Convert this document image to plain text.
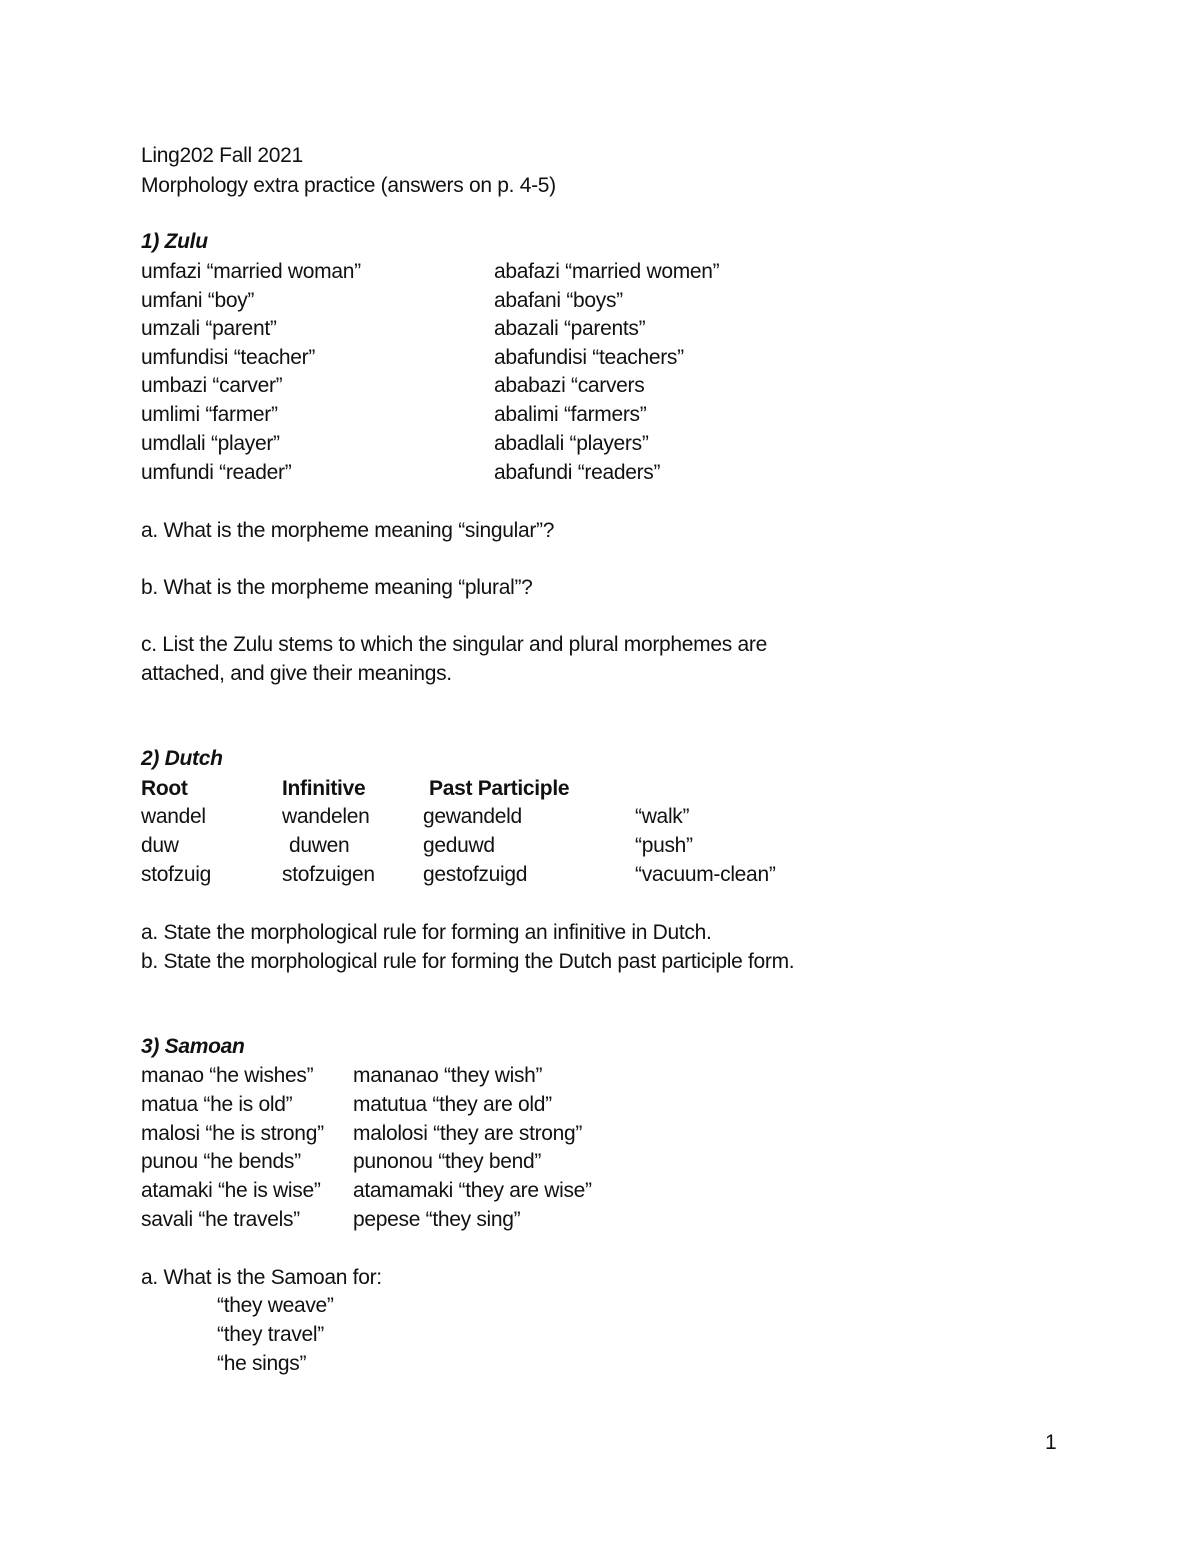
Ling202 Fall 2021
Morphology extra practice (answers on p. 4-5)
1) Zulu
umfazi “married woman”	abafazi “married women”
umfani “boy”	abafani “boys”
umzali “parent”	abazali “parents”
umfundisi “teacher”	abafundisi “teachers”
umbazi “carver”	ababazi “carvers
umlimi “farmer”	abalimi “farmers”
umdlali “player”	abadlali “players”
umfundi “reader”	abafundi “readers”
a. What is the morpheme meaning “singular”?
b. What is the morpheme meaning “plural”?
c. List the Zulu stems to which the singular and plural morphemes are
attached, and give their meanings.
2) Dutch
Root	Infinitive	Past Participle
wandel	wandelen	gewandeld	“walk”
duw	duwen	geduwd	“push”
stofzuig	stofzuigen gestofzuigd	“vacuum-clean”
a. State the morphological rule for forming an infinitive in Dutch.
b. State the morphological rule for forming the Dutch past participle form.
3) Samoan
manao “he wishes” mananao “they wish”
matua “he is old”	matutua “they are old”
malosi “he is strong” malolosi “they are strong”
punou “he bends” punonou “they bend”
atamaki “he is wise” atamamaki “they are wise”
savali “he travels”	pepese “they sing”
a. What is the Samoan for:
“they weave”
“they travel”
“he sings”
1
